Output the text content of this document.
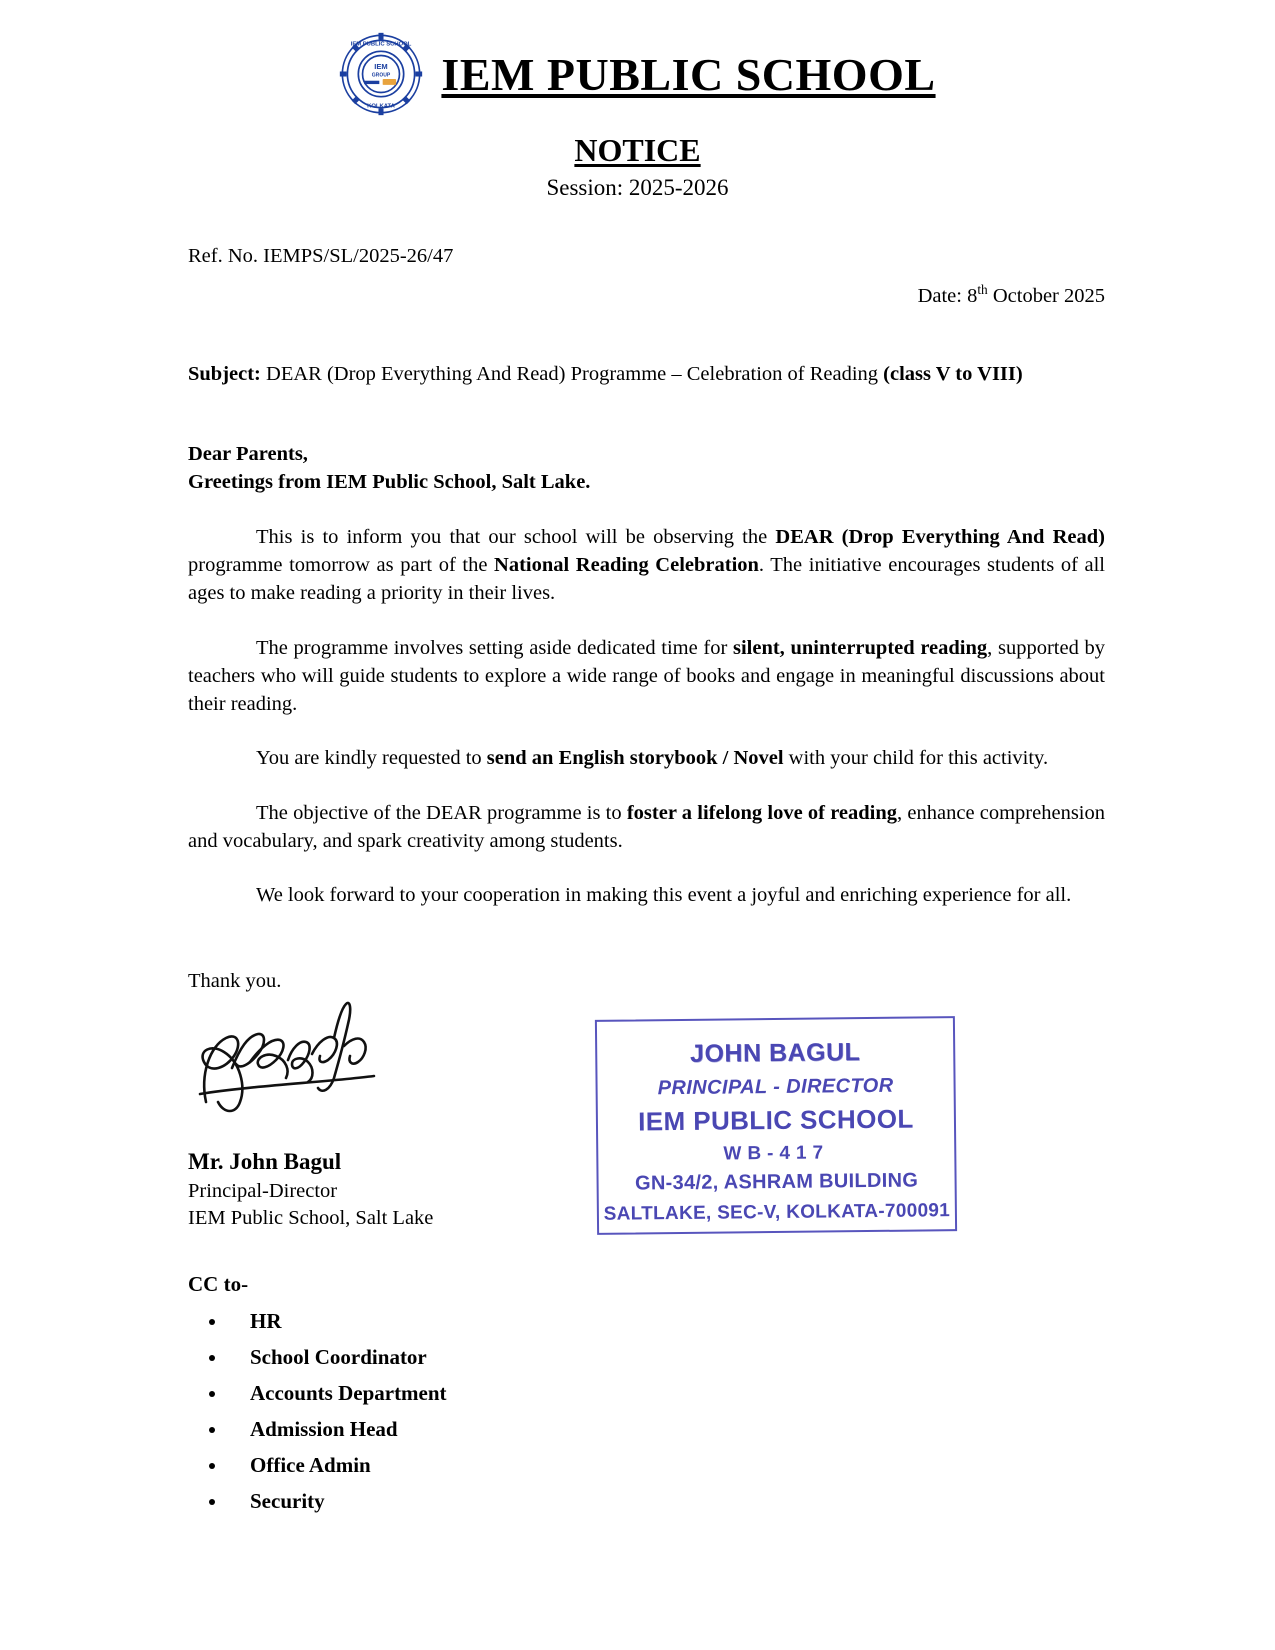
IEM PUBLIC SCHOOL
IEM
GROUP
KOLKATA
IEM PUBLIC SCHOOL
NOTICE
Session: 2025-2026
Ref. No. IEMPS/SL/2025-26/47
Date: 8th October 2025
Subject: DEAR (Drop Everything And Read) Programme – Celebration of Reading (class V to VIII)
Dear Parents,
Greetings from IEM Public School, Salt Lake.

This is to inform you that our school will be observing the DEAR (Drop Everything And Read) programme tomorrow as part of the National Reading Celebration. The initiative encourages students of all ages to make reading a priority in their lives.

The programme involves setting aside dedicated time for silent, uninterrupted reading, supported by teachers who will guide students to explore a wide range of books and engage in meaningful discussions about their reading.

You are kindly requested to send an English storybook / Novel with your child for this activity.

The objective of the DEAR programme is to foster a lifelong love of reading, enhance comprehension and vocabulary, and spark creativity among students.

We look forward to your cooperation in making this event a joyful and enriching experience for all.

Thank you.
JOHN BAGUL
PRINCIPAL - DIRECTOR
IEM PUBLIC SCHOOL
WB-417
GN-34/2, ASHRAM BUILDING
SALTLAKE, SEC-V, KOLKATA-700091
Mr. John Bagul
Principal-Director
IEM Public School, Salt Lake
CC to-
• HR
• School Coordinator
• Accounts Department
• Admission Head
• Office Admin
• Security
